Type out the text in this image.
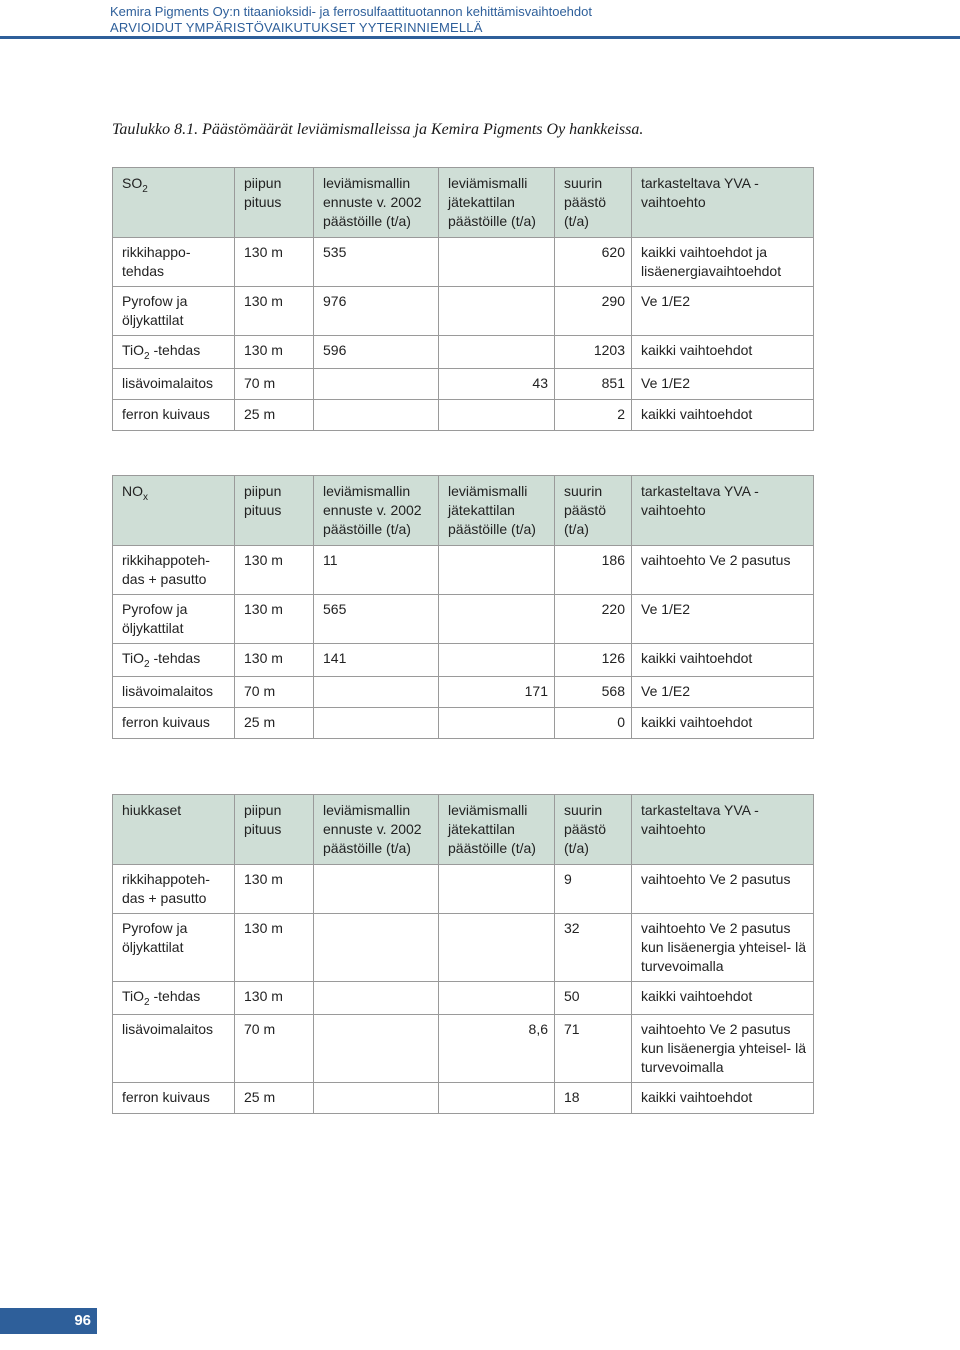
Kemira Pigments Oy:n titaanioksidi- ja ferrosulfaattituotannon kehittämisvaihtoehdot
ARVIOIDUT YMPÄRISTÖVAIKUTUKSET YYTERINNIEMELLÄ
Taulukko 8.1. Päästömäärät leviämismalleissa ja Kemira Pigments Oy hankkeissa.
$SO_2$	piipun pituus	leviämismallin ennuste v. 2002 päästöille (t/a)	leviämismalli jätekattilan päästöille (t/a)	suurin päästö (t/a)	tarkasteltava YVA -vaihtoehto
rikkihappo- tehdas	130 m	535		620	kaikki vaihtoehdot ja lisäenergiavaihtoehdot
Pyrofow ja öljykattilat	130 m	976		290	Ve 1/E2
TiO$_2$ -tehdas	130 m	596		1203	kaikki vaihtoehdot
lisävoimalaitos	70 m		43	851	Ve 1/E2
ferron kuivaus	25 m			2	kaikki vaihtoehdot
$NO_x$	piipun pituus	leviämismallin ennuste v. 2002 päästöille (t/a)	leviämismalli jätekattilan päästöille (t/a)	suurin päästö (t/a)	tarkasteltava YVA -vaihtoehto
rikkihappoteh- das + pasutto	130 m	11		186	vaihtoehto Ve 2 pasutus
Pyrofow ja öljykattilat	130 m	565		220	Ve 1/E2
TiO$_2$ -tehdas	130 m	141		126	kaikki vaihtoehdot
lisävoimalaitos	70 m		171	568	Ve 1/E2
ferron kuivaus	25 m			0	kaikki vaihtoehdot
hiukkaset	piipun pituus	leviämismallin ennuste v. 2002 päästöille (t/a)	leviämismalli jätekattilan päästöille (t/a)	suurin päästö (t/a)	tarkasteltava YVA -vaihtoehto
rikkihappoteh- das + pasutto	130 m			9	vaihtoehto Ve 2 pasutus
Pyrofow ja öljykattilat	130 m			32	vaihtoehto Ve 2 pasutus kun lisäenergia yhteisel- lä turvevoimalla
TiO$_2$ -tehdas	130 m			50	kaikki vaihtoehdot
lisävoimalaitos	70 m		8,6	71	vaihtoehto Ve 2 pasutus kun lisäenergia yhteisel- lä turvevoimalla
ferron kuivaus	25 m			18	kaikki vaihtoehdot
96
